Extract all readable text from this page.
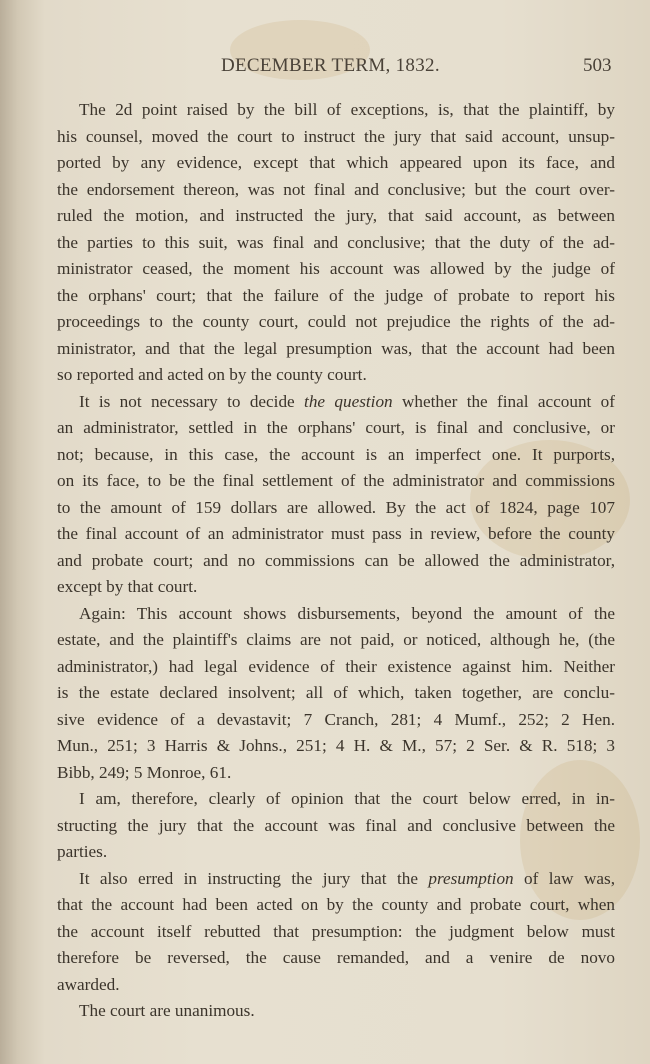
DECEMBER TERM, 1832.	503
The 2d point raised by the bill of exceptions, is, that the plaintiff, by
his counsel, moved the court to instruct the jury that said account, unsup-
ported by any evidence, except that which appeared upon its face, and
the endorsement thereon, was not final and conclusive; but the court over-
ruled the motion, and instructed the jury, that said account, as between
the parties to this suit, was final and conclusive; that the duty of the ad-
ministrator ceased, the moment his account was allowed by the judge of
the orphans' court; that the failure of the judge of probate to report his
proceedings to the county court, could not prejudice the rights of the ad-
ministrator, and that the legal presumption was, that the account had been
so reported and acted on by the county court.
It is not necessary to decide the question whether the final account of
an administrator, settled in the orphans' court, is final and conclusive, or
not; because, in this case, the account is an imperfect one. It purports,
on its face, to be the final settlement of the administrator and commissions
to the amount of 159 dollars are allowed. By the act of 1824, page 107
the final account of an administrator must pass in review, before the county
and probate court; and no commissions can be allowed the administrator,
except by that court.
Again: This account shows disbursements, beyond the amount of the
estate, and the plaintiff's claims are not paid, or noticed, although he, (the
administrator,) had legal evidence of their existence against him. Neither
is the estate declared insolvent; all of which, taken together, are conclu-
sive evidence of a devastavit; 7 Cranch, 281; 4 Mumf., 252; 2 Hen.
Mun., 251; 3 Harris & Johns., 251; 4 H. & M., 57; 2 Ser. & R. 518; 3
Bibb, 249; 5 Monroe, 61.
I am, therefore, clearly of opinion that the court below erred, in in-
structing the jury that the account was final and conclusive between the
parties.
It also erred in instructing the jury that the presumption of law was,
that the account had been acted on by the county and probate court, when
the account itself rebutted that presumption: the judgment below must
therefore be reversed, the cause remanded, and a venire de novo
awarded.
The court are unanimous.
